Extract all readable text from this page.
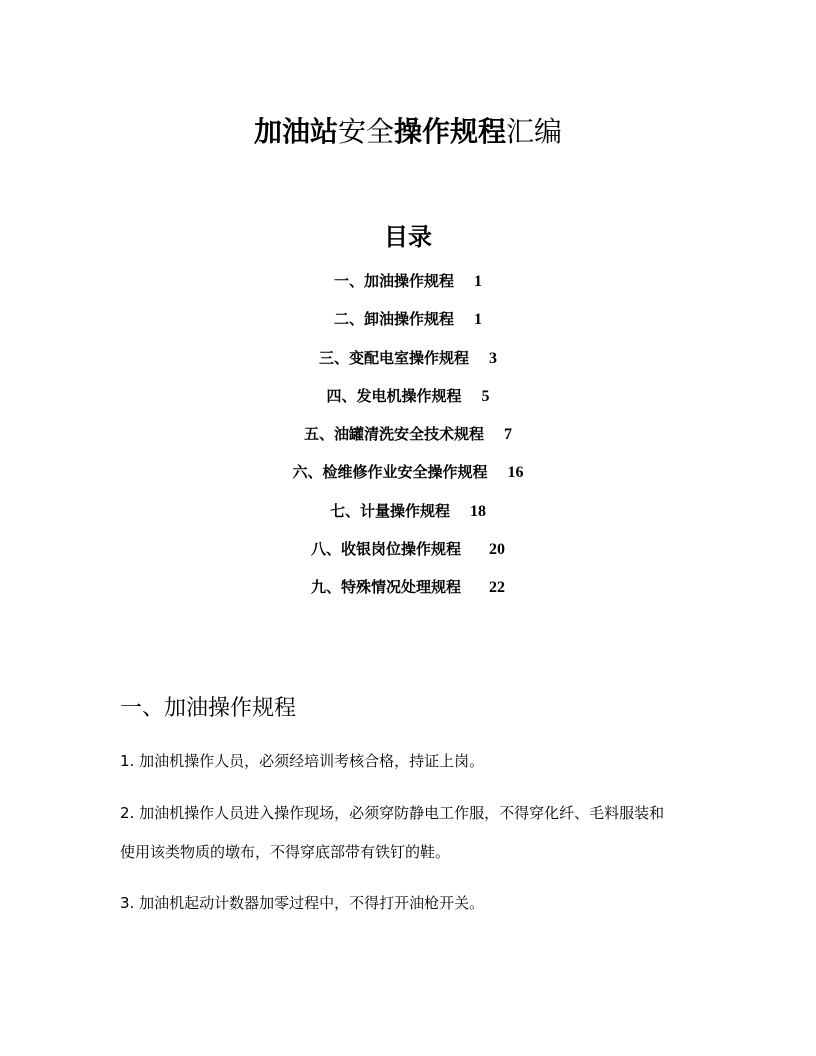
加油站安全操作规程汇编
目录
一、加油操作规程 1
二、卸油操作规程 1
三、变配电室操作规程 3
四、发电机操作规程 5
五、油罐清洗安全技术规程 7
六、检维修作业安全操作规程 16
七、计量操作规程 18
八、收银岗位操作规程 20
九、特殊情况处理规程 22
一、加油操作规程
1. 加油机操作人员，必须经培训考核合格，持证上岗。
2. 加油机操作人员进入操作现场，必须穿防静电工作服，不得穿化纤、毛料服装和
使用该类物质的墩布，不得穿底部带有铁钉的鞋。
3. 加油机起动计数器加零过程中，不得打开油枪开关。
